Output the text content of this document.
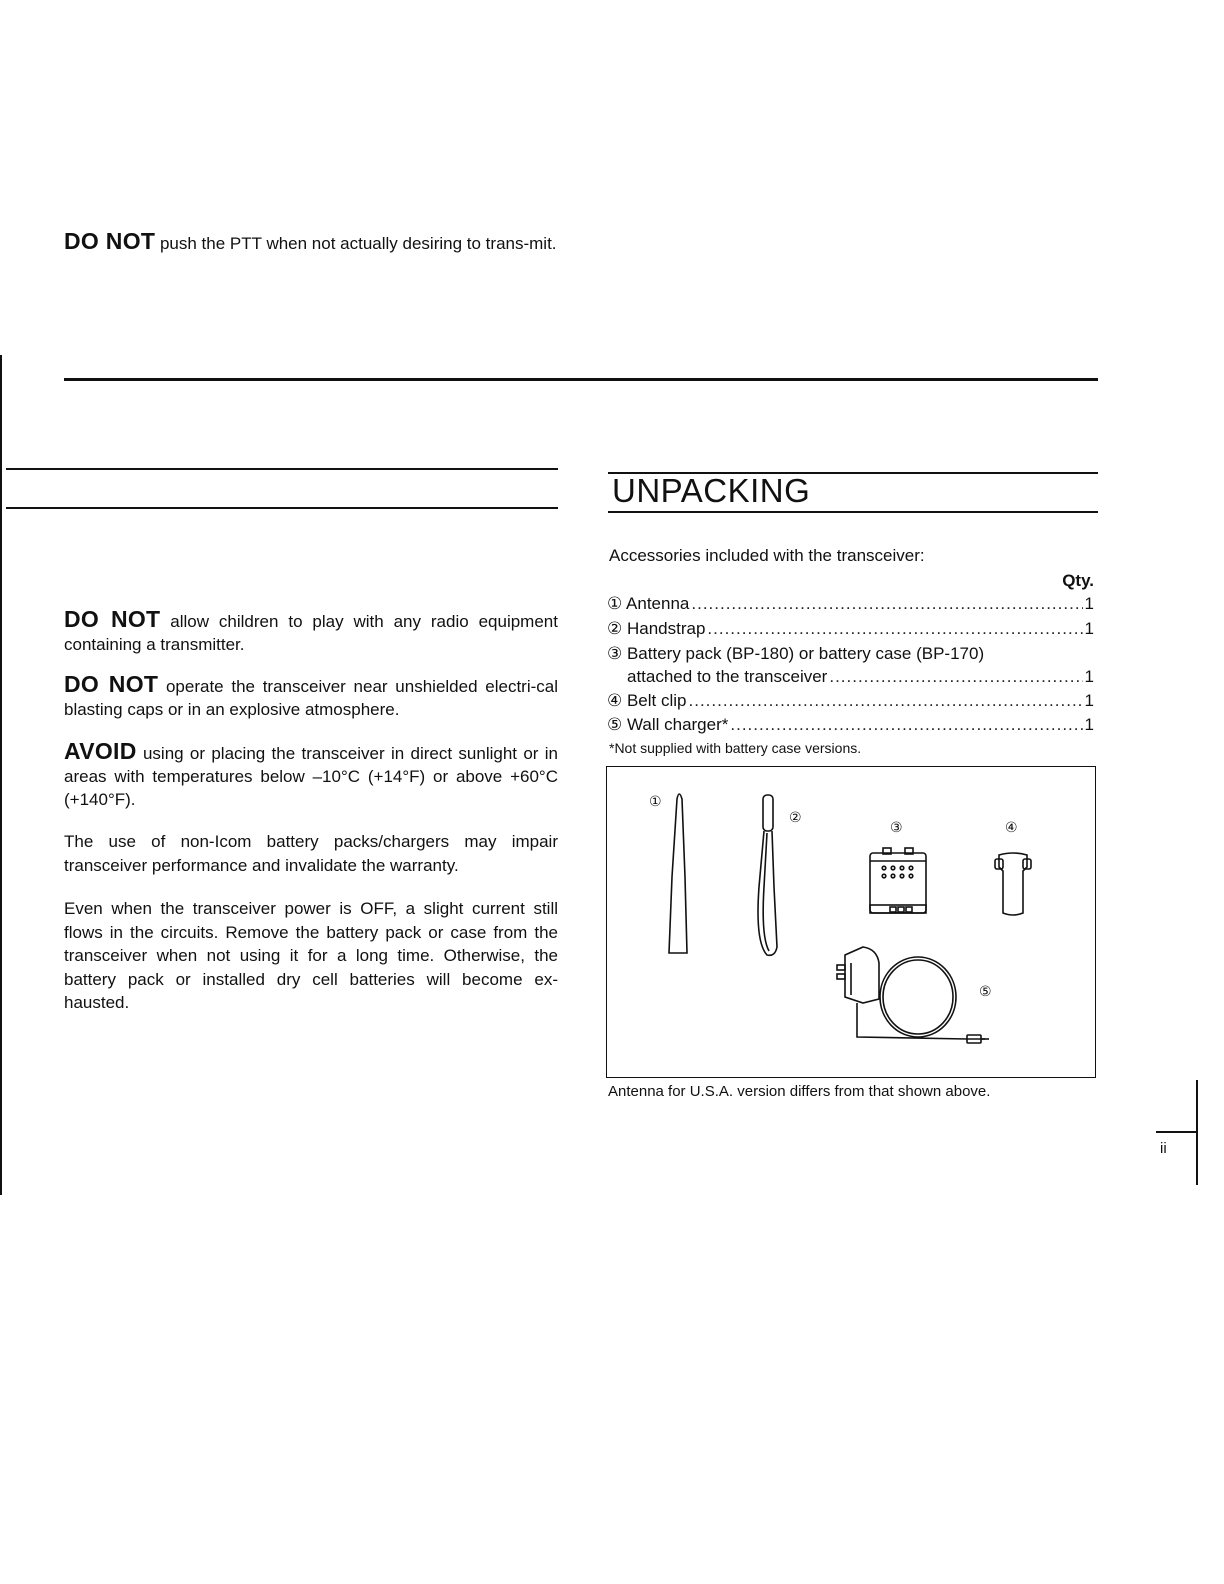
DO NOT push the PTT when not actually desiring to trans-mit.
DO NOT allow children to play with any radio equipment containing a transmitter.
DO NOT operate the transceiver near unshielded electri-cal blasting caps or in an explosive atmosphere.
AVOID using or placing the transceiver in direct sunlight or in areas with temperatures below –10°C (+14°F) or above +60°C (+140°F).
The use of non-Icom battery packs/chargers may impair transceiver performance and invalidate the warranty.
Even when the transceiver power is OFF, a slight current still flows in the circuits. Remove the battery pack or case from the transceiver when not using it for a long time. Otherwise, the battery pack or installed dry cell batteries will become ex-hausted.
UNPACKING
Accessories included with the transceiver:
Qty.
① Antenna .....	1
② Handstrap .....	1
③ Battery pack (BP-180) or battery case (BP-170)
attached to the transceiver .....	1
④ Belt clip .....	1
⑤ Wall charger* .....	1
*Not supplied with battery case versions.
①
②
③	④
⑤
Antenna for U.S.A. version differs from that shown above.
ii
